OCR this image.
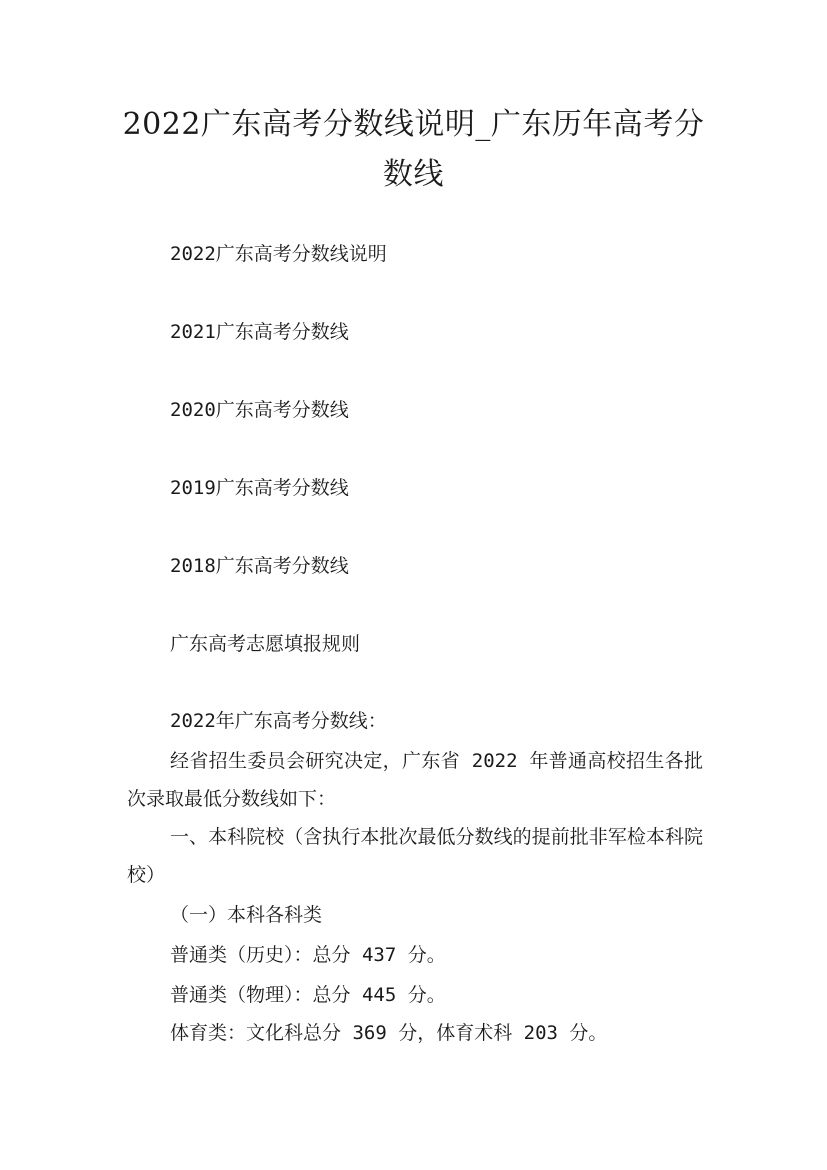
2022广东高考分数线说明_广东历年高考分数线

2022广东高考分数线说明

2021广东高考分数线

2020广东高考分数线

2019广东高考分数线

2018广东高考分数线

广东高考志愿填报规则

2022年广东高考分数线：

经省招生委员会研究决定，广东省 2022 年普通高校招生各批次录取最低分数线如下：

一、本科院校（含执行本批次最低分数线的提前批非军检本科院校）

（一）本科各科类

普通类（历史）：总分 437 分。

普通类（物理）：总分 445 分。

体育类：文化科总分 369 分，体育术科 203 分。
